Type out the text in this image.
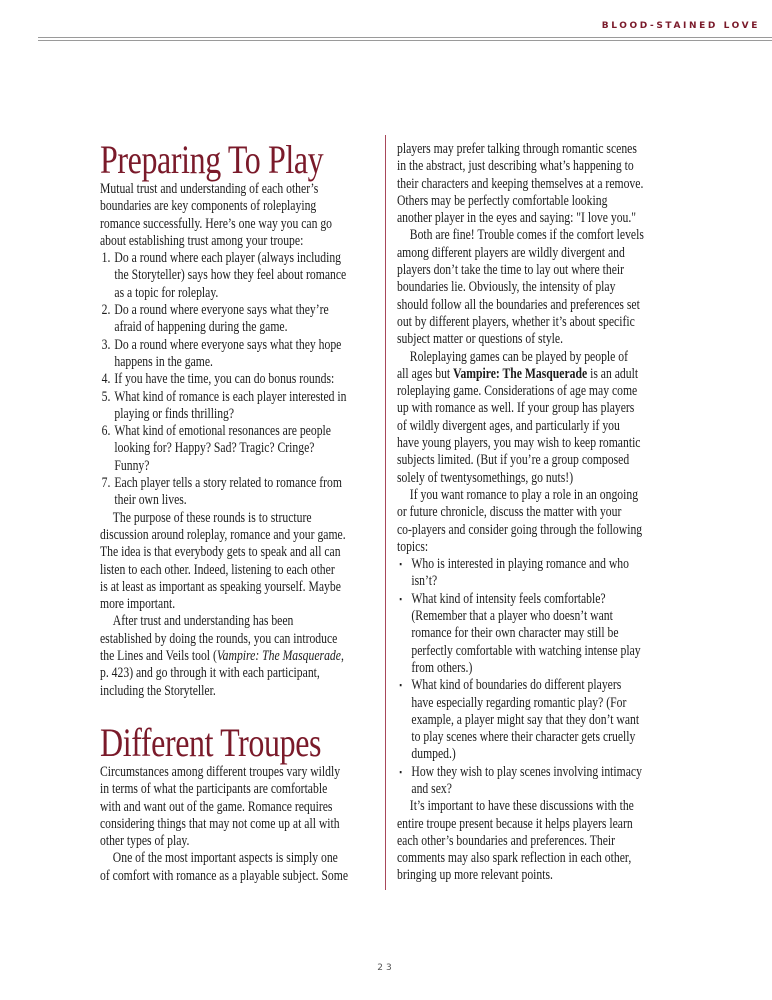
BLOOD-STAINED LOVE
Preparing To Play
Mutual trust and understanding of each other’s
boundaries are key components of roleplaying
romance successfully. Here’s one way you can go
about establishing trust among your troupe:
1. Do a round where each player (always including
the Storyteller) says how they feel about romance
as a topic for roleplay.
2. Do a round where everyone says what they’re
afraid of happening during the game.
3. Do a round where everyone says what they hope
happens in the game.
4. If you have the time, you can do bonus rounds:
5. What kind of romance is each player interested in
playing or finds thrilling?
6. What kind of emotional resonances are people
looking for? Happy? Sad? Tragic? Cringe?
Funny?
7. Each player tells a story related to romance from
their own lives.
The purpose of these rounds is to structure
discussion around roleplay, romance and your game.
The idea is that everybody gets to speak and all can
listen to each other. Indeed, listening to each other
is at least as important as speaking yourself. Maybe
more important.
After trust and understanding has been
established by doing the rounds, you can introduce
the Lines and Veils tool (Vampire: The Masquerade,
p. 423) and go through it with each participant,
including the Storyteller.
Different Troupes
Circumstances among different troupes vary wildly
in terms of what the participants are comfortable
with and want out of the game. Romance requires
considering things that may not come up at all with
other types of play.
One of the most important aspects is simply one
of comfort with romance as a playable subject. Some
players may prefer talking through romantic scenes
in the abstract, just describing what’s happening to
their characters and keeping themselves at a remove.
Others may be perfectly comfortable looking
another player in the eyes and saying: "I love you."
Both are fine! Trouble comes if the comfort levels
among different players are wildly divergent and
players don’t take the time to lay out where their
boundaries lie. Obviously, the intensity of play
should follow all the boundaries and preferences set
out by different players, whether it’s about specific
subject matter or questions of style.
Roleplaying games can be played by people of
all ages but Vampire: The Masquerade is an adult
roleplaying game. Considerations of age may come
up with romance as well. If your group has players
of wildly divergent ages, and particularly if you
have young players, you may wish to keep romantic
subjects limited. (But if you’re a group composed
solely of twentysomethings, go nuts!)
If you want romance to play a role in an ongoing
or future chronicle, discuss the matter with your
co-players and consider going through the following
topics:
▪ Who is interested in playing romance and who
isn’t?
▪ What kind of intensity feels comfortable?
(Remember that a player who doesn’t want
romance for their own character may still be
perfectly comfortable with watching intense play
from others.)
▪ What kind of boundaries do different players
have especially regarding romantic play? (For
example, a player might say that they don’t want
to play scenes where their character gets cruelly
dumped.)
▪ How they wish to play scenes involving intimacy
and sex?
It’s important to have these discussions with the
entire troupe present because it helps players learn
each other’s boundaries and preferences. Their
comments may also spark reflection in each other,
bringing up more relevant points.
23
